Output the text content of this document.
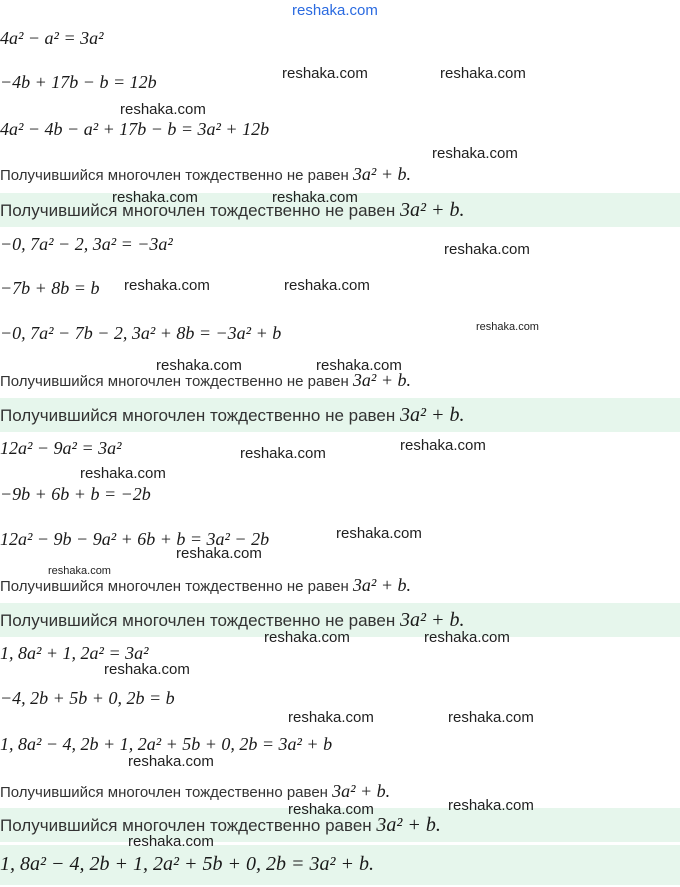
reshaka.com
4a² − a² = 3a²
−4b + 17b − b = 12b
4a² − 4b − a² + 17b − b = 3a² + 12b
Получившийся многочлен тождественно не равен 3a² + b.
Получившийся многочлен тождественно не равен 3a² + b.
−0, 7a² − 2, 3a² = −3a²
−7b + 8b = b
−0, 7a² − 7b − 2, 3a² + 8b = −3a² + b
Получившийся многочлен тождественно не равен 3a² + b.
Получившийся многочлен тождественно не равен 3a² + b.
12a² − 9a² = 3a²
−9b + 6b + b = −2b
12a² − 9b − 9a² + 6b + b = 3a² − 2b
Получившийся многочлен тождественно не равен 3a² + b.
Получившийся многочлен тождественно не равен 3a² + b.
1, 8a² + 1, 2a² = 3a²
−4, 2b + 5b + 0, 2b = b
1, 8a² − 4, 2b + 1, 2a² + 5b + 0, 2b = 3a² + b
Получившийся многочлен тождественно равен 3a² + b.
Получившийся многочлен тождественно равен 3a² + b.
1, 8a² − 4, 2b + 1, 2a² + 5b + 0, 2b = 3a² + b.
reshaka.com	reshaka.com
reshaka.com
reshaka.com
reshaka.com	reshaka.com
reshaka.com
reshaka.com	reshaka.com
reshaka.com
reshaka.com	reshaka.com
reshaka.com
reshaka.com
reshaka.com
reshaka.com
reshaka.com
reshaka.com
reshaka.com	reshaka.com
reshaka.com
reshaka.com	reshaka.com
reshaka.com
reshaka.com	reshaka.com
reshaka.com
